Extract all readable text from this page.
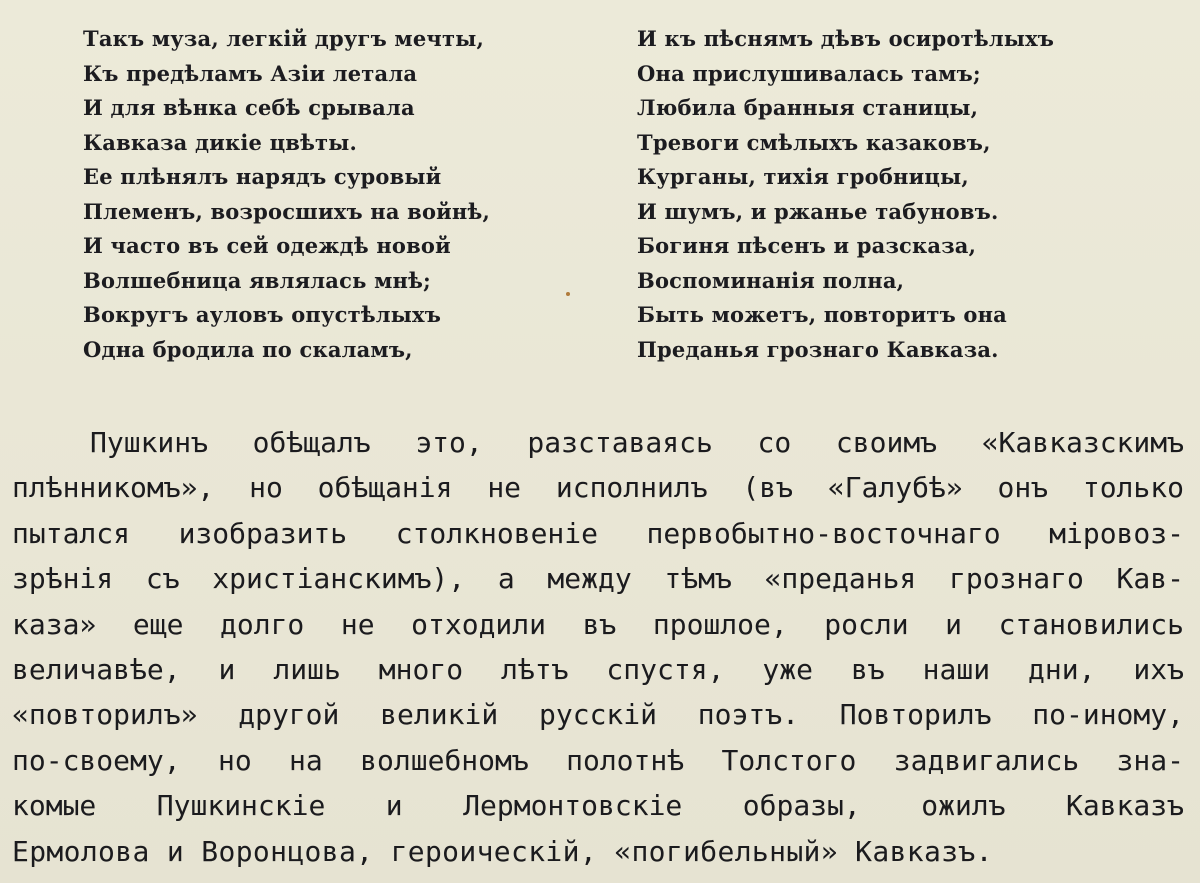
Такъ муза, легкій другъ мечты,
Къ предѣламъ Азіи летала
И для вѣнка себѣ срывала
Кавказа дикіе цвѣты.
Ее плѣнялъ нарядъ суровый
Племенъ, возросшихъ на войнѣ,
И часто въ сей одеждѣ новой
Волшебница являлась мнѣ;
Вокругъ ауловъ опустѣлыхъ
Одна бродила по скаламъ,
И къ пѣснямъ дѣвъ осиротѣлыхъ
Она прислушивалась тамъ;
Любила бранныя станицы,
Тревоги смѣлыхъ казаковъ,
Курганы, тихія гробницы,
И шумъ, и ржанье табуновъ.
Богиня пѣсенъ и разсказа,
Воспоминанія полна,
Быть можетъ, повторитъ она
Преданья грознаго Кавказа.
Пушкинъ обѣщалъ это, разставаясь со своимъ «Кавказскимъ
плѣнникомъ», но обѣщанія не исполнилъ (въ «Галубѣ» онъ только
пытался изобразить столкновеніе первобытно-восточнаго міровоз-
зрѣнія съ христіанскимъ), а между тѣмъ «преданья грознаго Кав-
каза» еще долго не отходили въ прошлое, росли и становились
величавѣе, и лишь много лѣтъ спустя, уже въ наши дни, ихъ
«повторилъ» другой великій русскій поэтъ. Повторилъ по-иному,
по-своему, но на волшебномъ полотнѣ Толстого задвигались зна-
комые Пушкинскіе и Лермонтовскіе образы, ожилъ Кавказъ
Ермолова и Воронцова, героическій, «погибельный» Кавказъ.
